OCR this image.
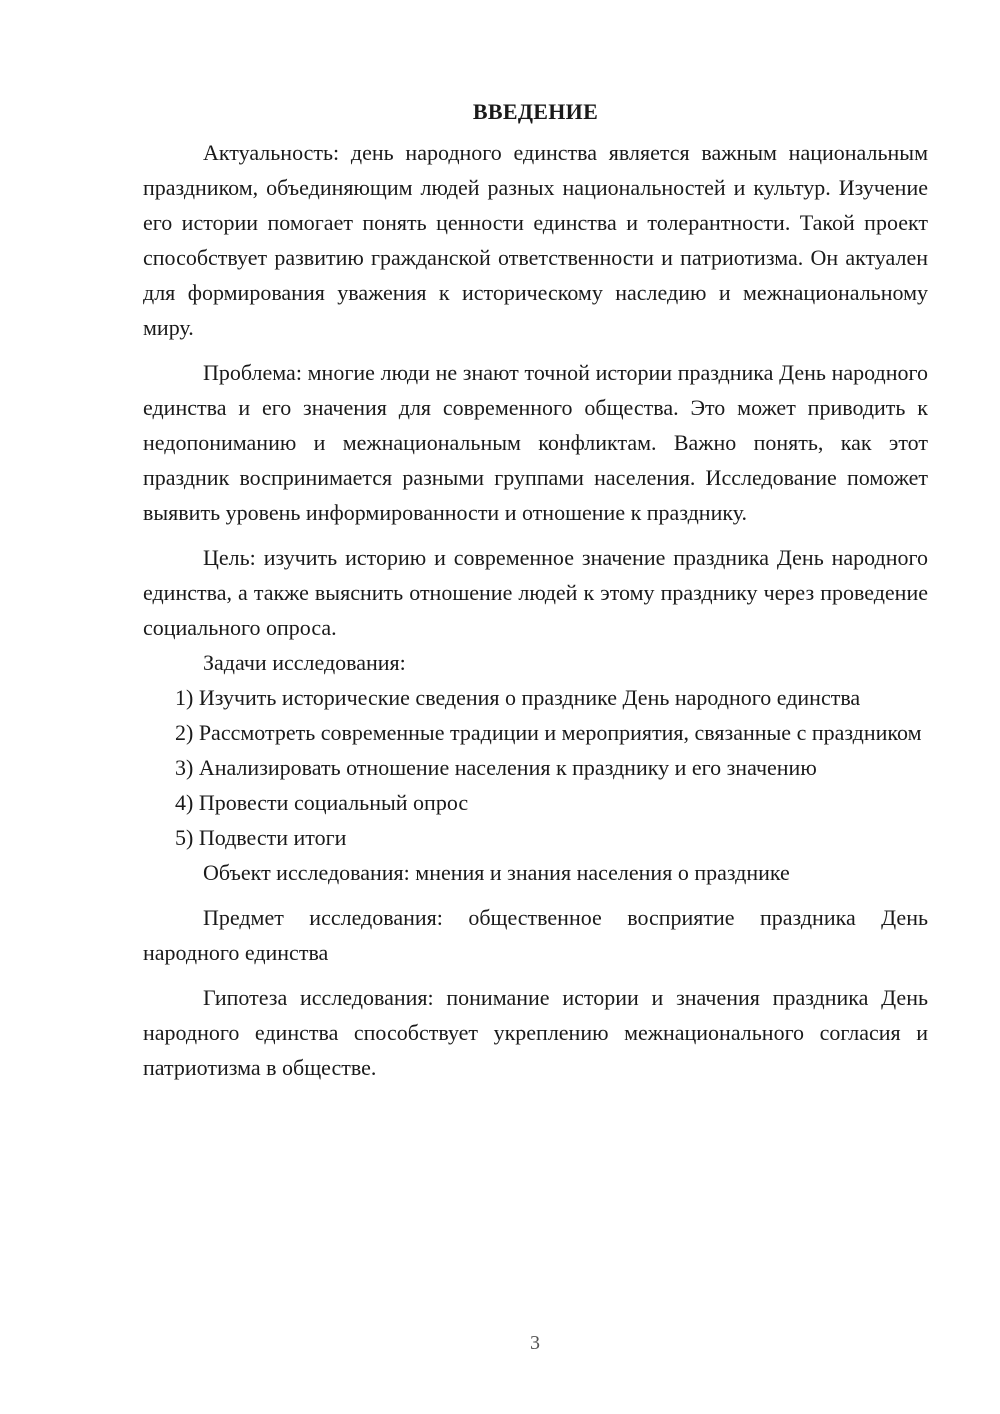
ВВЕДЕНИЕ

Актуальность: день народного единства является важным национальным праздником, объединяющим людей разных национальностей и культур. Изучение его истории помогает понять ценности единства и толерантности. Такой проект способствует развитию гражданской ответственности и патриотизма. Он актуален для формирования уважения к историческому наследию и межнациональному миру.

Проблема: многие люди не знают точной истории праздника День народного единства и его значения для современного общества. Это может приводить к недопониманию и межнациональным конфликтам. Важно понять, как этот праздник воспринимается разными группами населения. Исследование поможет выявить уровень информированности и отношение к празднику.

Цель: изучить историю и современное значение праздника День народного единства, а также выяснить отношение людей к этому празднику через проведение социального опроса.

Задачи исследования:

1) Изучить исторические сведения о празднике День народного единства

2) Рассмотреть современные традиции и мероприятия, связанные с праздником

3) Анализировать отношение населения к празднику и его значению

4) Провести социальный опрос

5) Подвести итоги

Объект исследования: мнения и знания населения о празднике

Предмет исследования: общественное восприятие праздника День народного единства

Гипотеза исследования: понимание истории и значения праздника День народного единства способствует укреплению межнационального согласия и патриотизма в обществе.

3
